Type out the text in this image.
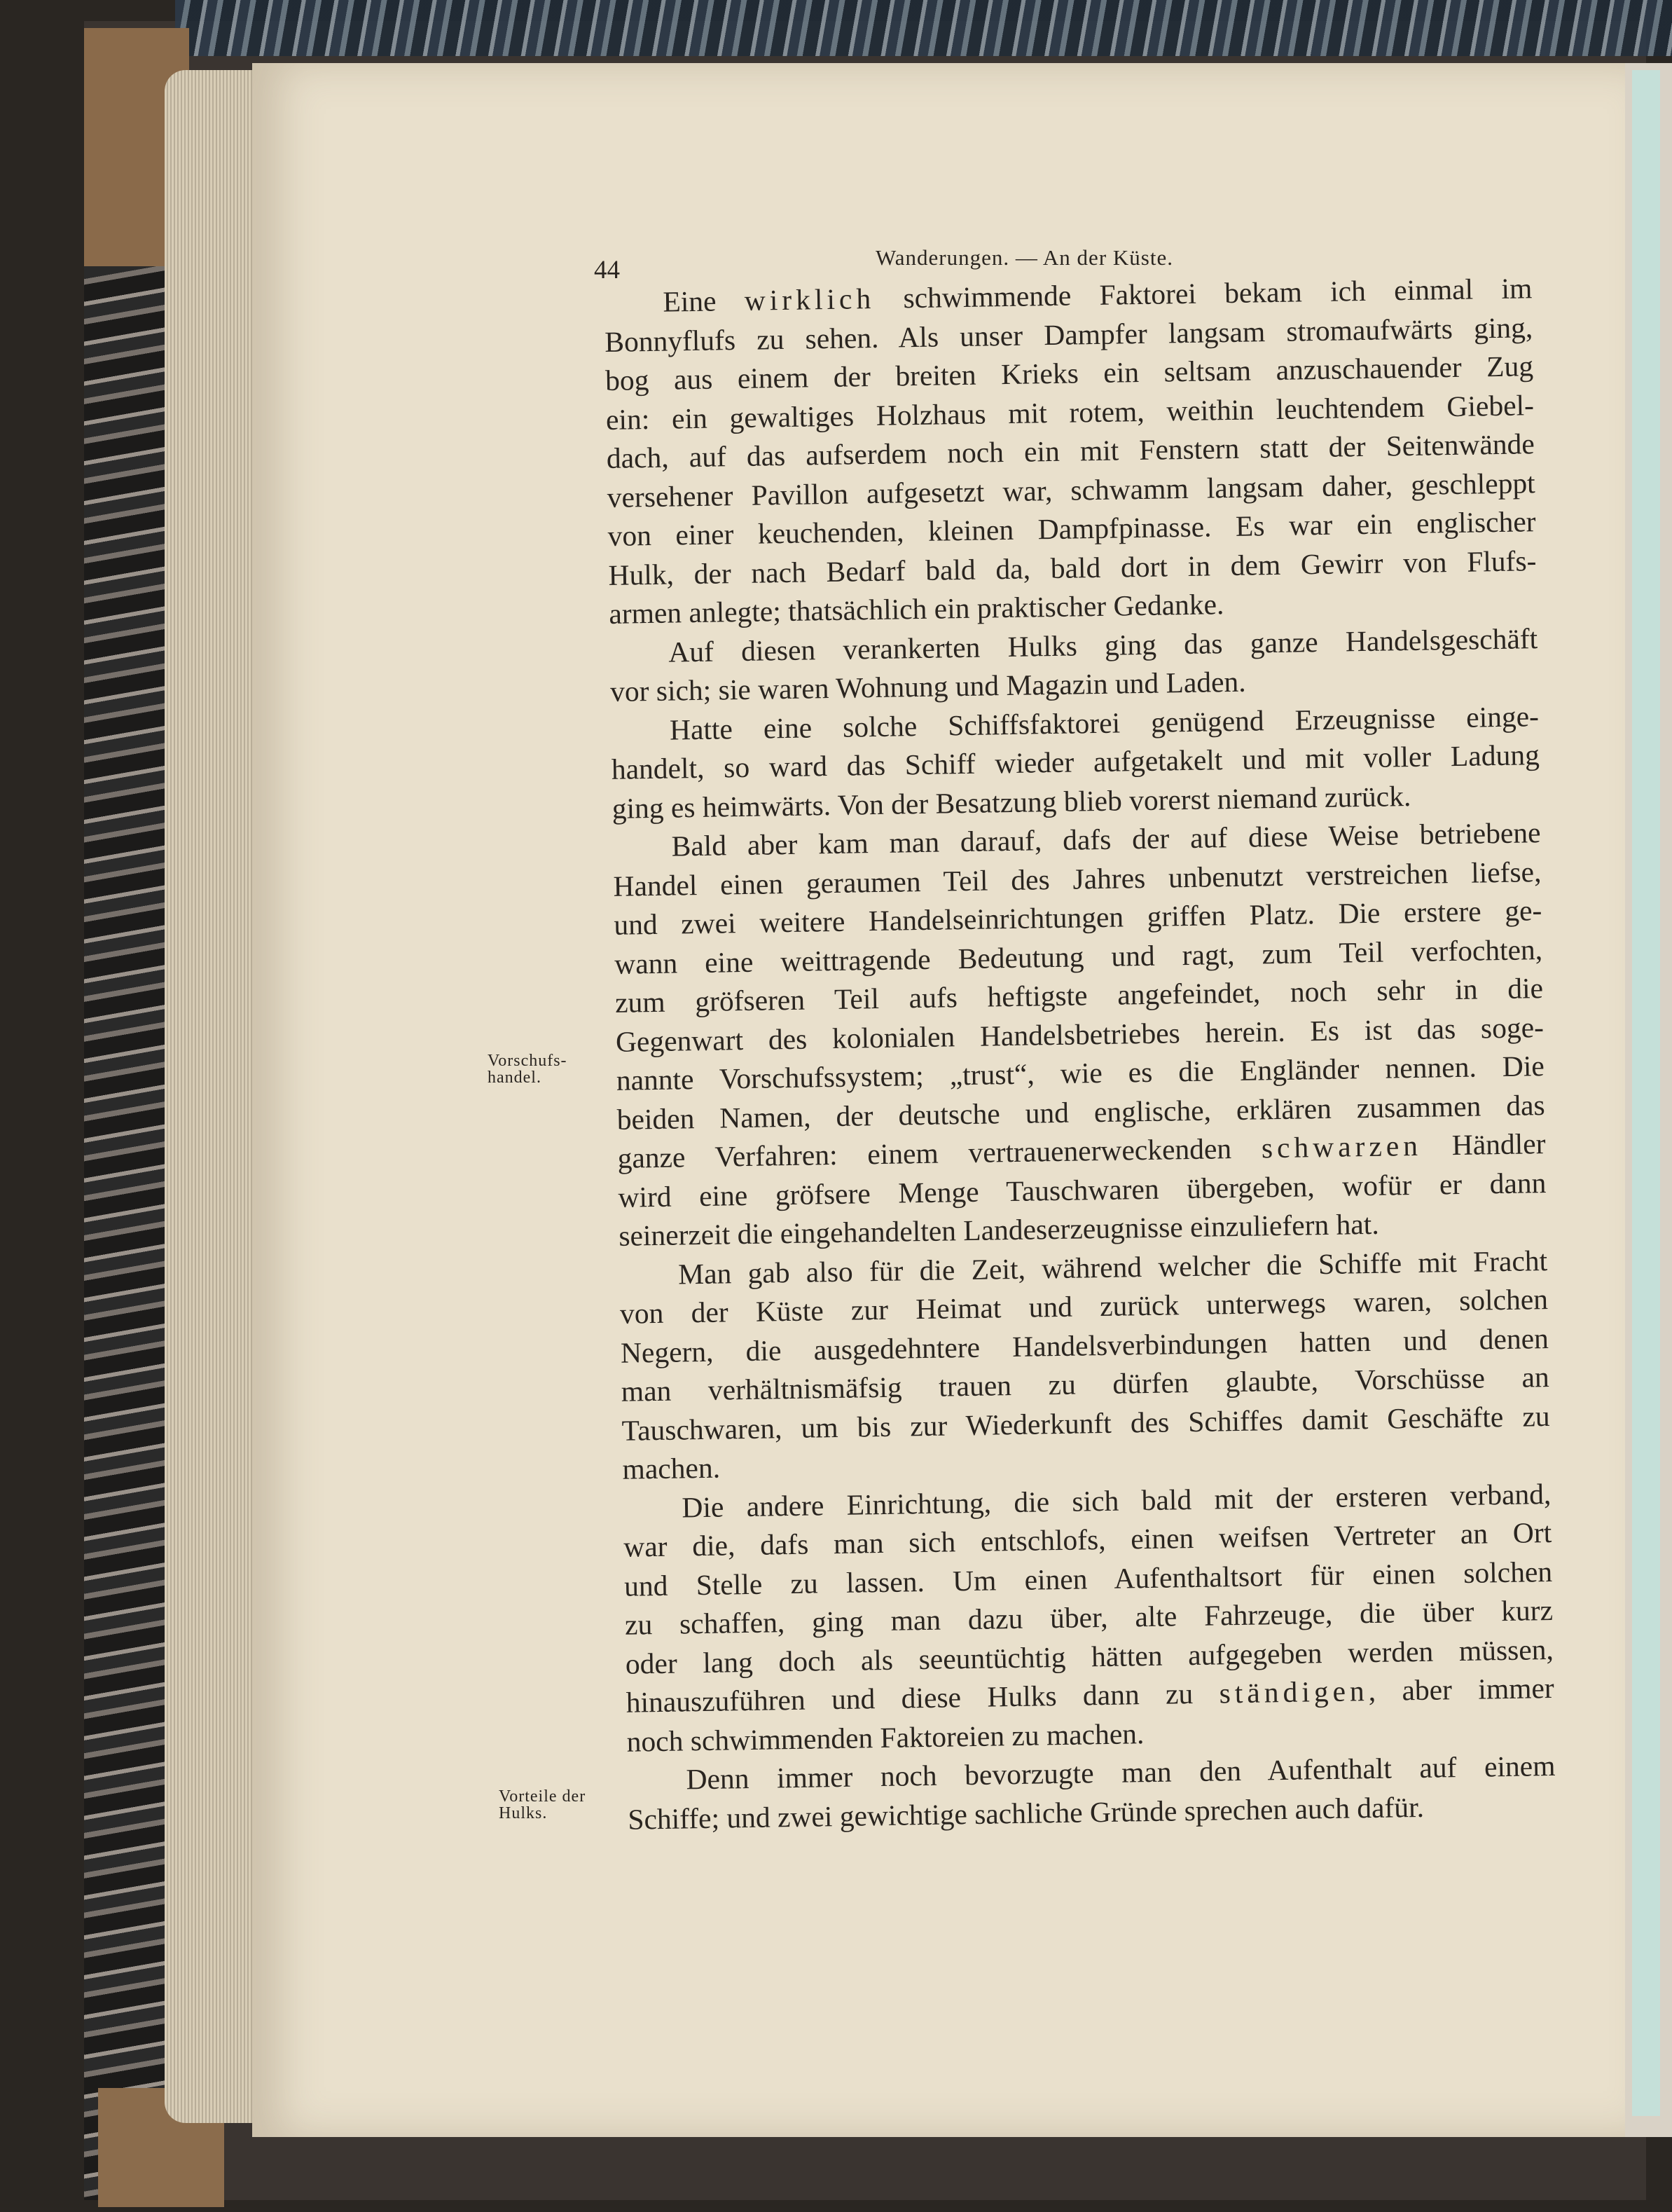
44	Wanderungen. — An der Küste.
Vorschufs-
handel.
Vorteile der
Hulks.
Eine wirklich schwimmende Faktorei bekam ich einmal im
Bonnyflufs zu sehen. Als unser Dampfer langsam stromaufwärts ging,
bog aus einem der breiten Krieks ein seltsam anzuschauender Zug
ein: ein gewaltiges Holzhaus mit rotem, weithin leuchtendem Giebel-
dach, auf das aufserdem noch ein mit Fenstern statt der Seitenwände
versehener Pavillon aufgesetzt war, schwamm langsam daher, geschleppt
von einer keuchenden, kleinen Dampfpinasse. Es war ein englischer
Hulk, der nach Bedarf bald da, bald dort in dem Gewirr von Flufs-
armen anlegte; thatsächlich ein praktischer Gedanke.
Auf diesen verankerten Hulks ging das ganze Handelsgeschäft
vor sich; sie waren Wohnung und Magazin und Laden.
Hatte eine solche Schiffsfaktorei genügend Erzeugnisse einge-
handelt, so ward das Schiff wieder aufgetakelt und mit voller Ladung
ging es heimwärts. Von der Besatzung blieb vorerst niemand zurück.
Bald aber kam man darauf, dafs der auf diese Weise betriebene
Handel einen geraumen Teil des Jahres unbenutzt verstreichen liefse,
und zwei weitere Handelseinrichtungen griffen Platz. Die erstere ge-
wann eine weittragende Bedeutung und ragt, zum Teil verfochten,
zum gröfseren Teil aufs heftigste angefeindet, noch sehr in die
Gegenwart des kolonialen Handelsbetriebes herein. Es ist das soge-
nannte Vorschufssystem; „trust“, wie es die Engländer nennen. Die
beiden Namen, der deutsche und englische, erklären zusammen das
ganze Verfahren: einem vertrauenerweckenden schwarzen Händler
wird eine gröfsere Menge Tauschwaren übergeben, wofür er dann
seinerzeit die eingehandelten Landeserzeugnisse einzuliefern hat.
Man gab also für die Zeit, während welcher die Schiffe mit Fracht
von der Küste zur Heimat und zurück unterwegs waren, solchen
Negern, die ausgedehntere Handelsverbindungen hatten und denen
man verhältnismäfsig trauen zu dürfen glaubte, Vorschüsse an
Tauschwaren, um bis zur Wiederkunft des Schiffes damit Geschäfte zu
machen.
Die andere Einrichtung, die sich bald mit der ersteren verband,
war die, dafs man sich entschlofs, einen weifsen Vertreter an Ort
und Stelle zu lassen. Um einen Aufenthaltsort für einen solchen
zu schaffen, ging man dazu über, alte Fahrzeuge, die über kurz
oder lang doch als seeuntüchtig hätten aufgegeben werden müssen,
hinauszuführen und diese Hulks dann zu ständigen, aber immer
noch schwimmenden Faktoreien zu machen.
Denn immer noch bevorzugte man den Aufenthalt auf einem
Schiffe; und zwei gewichtige sachliche Gründe sprechen auch dafür.
